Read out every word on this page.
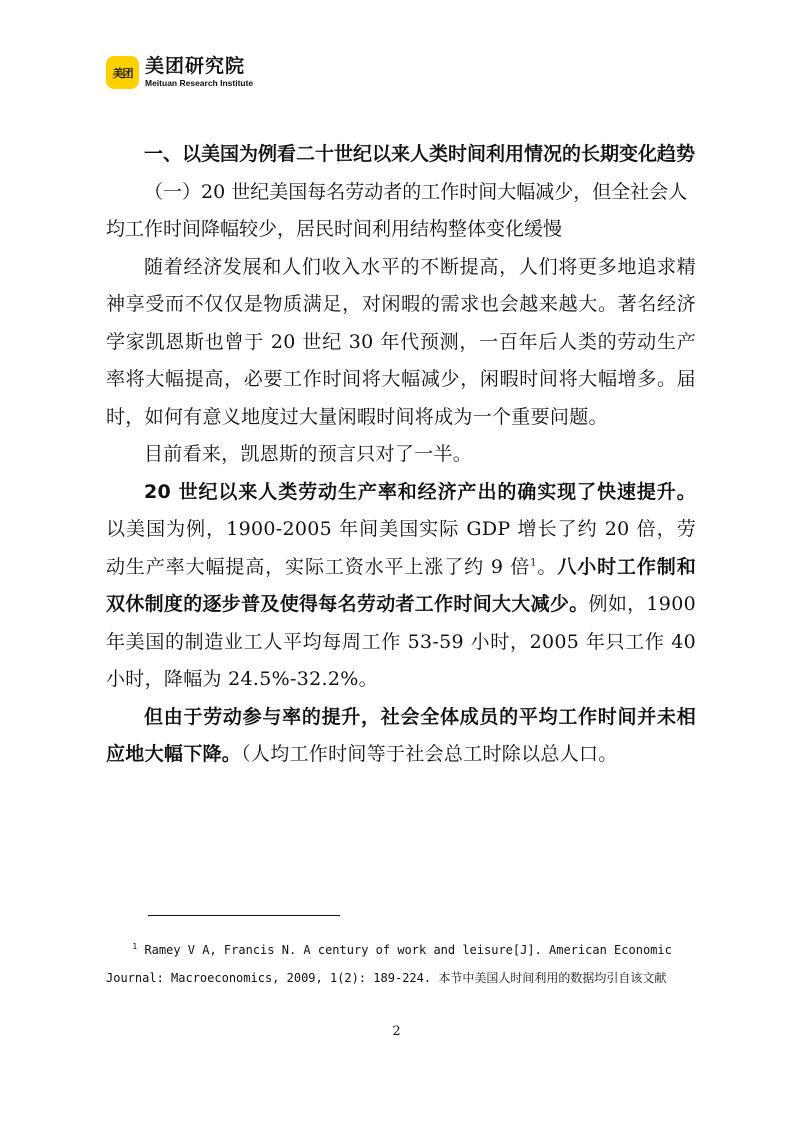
美团 美团研究院
Meituan Research Institute

一、以美国为例看二十世纪以来人类时间利用情况的长期变化趋势

（一）20 世纪美国每名劳动者的工作时间大幅减少，但全社会人均工作时间降幅较少，居民时间利用结构整体变化缓慢

随着经济发展和人们收入水平的不断提高，人们将更多地追求精神享受而不仅仅是物质满足，对闲暇的需求也会越来越大。著名经济学家凯恩斯也曾于 20 世纪 30 年代预测，一百年后人类的劳动生产率将大幅提高，必要工作时间将大幅减少，闲暇时间将大幅增多。届时，如何有意义地度过大量闲暇时间将成为一个重要问题。

目前看来，凯恩斯的预言只对了一半。

20 世纪以来人类劳动生产率和经济产出的确实现了快速提升。以美国为例，1900-2005 年间美国实际 GDP 增长了约 20 倍，劳动生产率大幅提高，实际工资水平上涨了约 9 倍$^1$。八小时工作制和双休制度的逐步普及使得每名劳动者工作时间大大减少。例如，1900 年美国的制造业工人平均每周工作 53-59 小时，2005 年只工作 40 小时，降幅为 24.5%-32.2%。

但由于劳动参与率的提升，社会全体成员的平均工作时间并未相应地大幅下降。（人均工作时间等于社会总工时除以总人口。

$^1$ Ramey V A, Francis N. A century of work and leisure[J]. American Economic
Journal: Macroeconomics, 2009, 1(2): 189-224. 本节中美国人时间利用的数据均引自该文献
2
